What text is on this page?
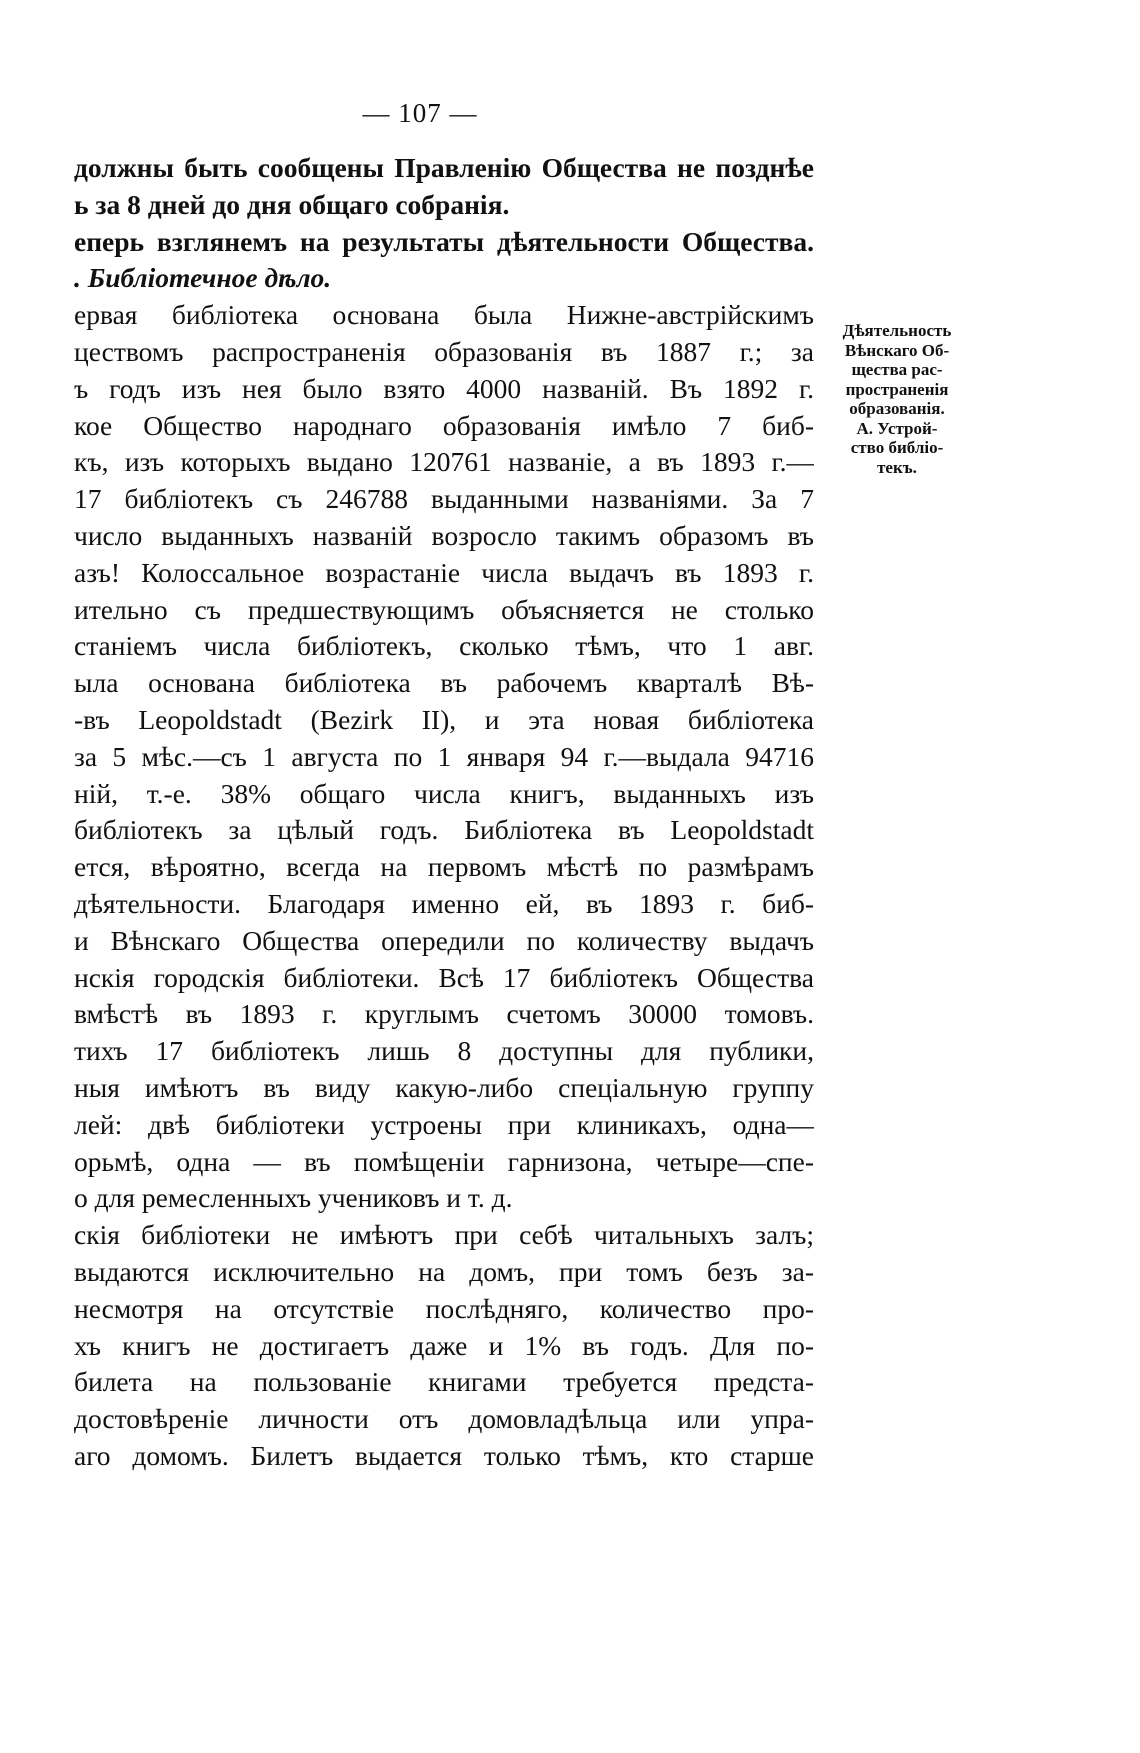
— 107 —
должны быть сообщены Правленію Общества не позднѣе
ь за 8 дней до дня общаго собранія.
еперь взглянемъ на результаты дѣятельности Общества.
. Библіотечное дѣло.
ервая библіотека основана была Нижне-австрійскимъ
цествомъ распространенія образованія въ 1887 г.; за
ъ годъ изъ нея было взято 4000 названій. Въ 1892 г.
кое Общество народнаго образованія имѣло 7 биб-
къ, изъ которыхъ выдано 120761 названіе, а въ 1893 г.—
17 библіотекъ съ 246788 выданными названіями. За 7
число выданныхъ названій возросло такимъ образомъ въ
азъ! Колоссальное возрастаніе числа выдачъ въ 1893 г.
ительно съ предшествующимъ объясняется не столько
станіемъ числа библіотекъ, сколько тѣмъ, что 1 авг.
ыла основана библіотека въ рабочемъ кварталѣ Вѣ-
-въ Leopoldstadt (Bezirk II), и эта новая библіотека
за 5 мѣс.—съ 1 августа по 1 января 94 г.—выдала 94716
ній, т.-е. 38% общаго числа книгъ, выданныхъ изъ
библіотекъ за цѣлый годъ. Библіотека въ Leopoldstadt
ется, вѣроятно, всегда на первомъ мѣстѣ по размѣрамъ
дѣятельности. Благодаря именно ей, въ 1893 г. биб-
и Вѣнскаго Общества опередили по количеству выдачъ
нскія городскія библіотеки. Всѣ 17 библіотекъ Общества
вмѣстѣ въ 1893 г. круглымъ счетомъ 30000 томовъ.
тихъ 17 библіотекъ лишь 8 доступны для публики,
ныя имѣютъ въ виду какую-либо спеціальную группу
лей: двѣ библіотеки устроены при клиникахъ, одна—
орьмѣ, одна — въ помѣщеніи гарнизона, четыре—спе-
о для ремесленныхъ учениковъ и т. д.
скія библіотеки не имѣютъ при себѣ читальныхъ залъ;
выдаются исключительно на домъ, при томъ безъ за-
несмотря на отсутствіе послѣдняго, количество про-
хъ книгъ не достигаетъ даже и 1% въ годъ. Для по-
билета на пользованіе книгами требуется предста-
достовѣреніе личности отъ домовладѣльца или упра-
аго домомъ. Билетъ выдается только тѣмъ, кто старше
Дѣятельность
Вѣнскаго Об-
щества рас-
пространенія
образованія.
А. Устрой-
ство библіо-
текъ.
